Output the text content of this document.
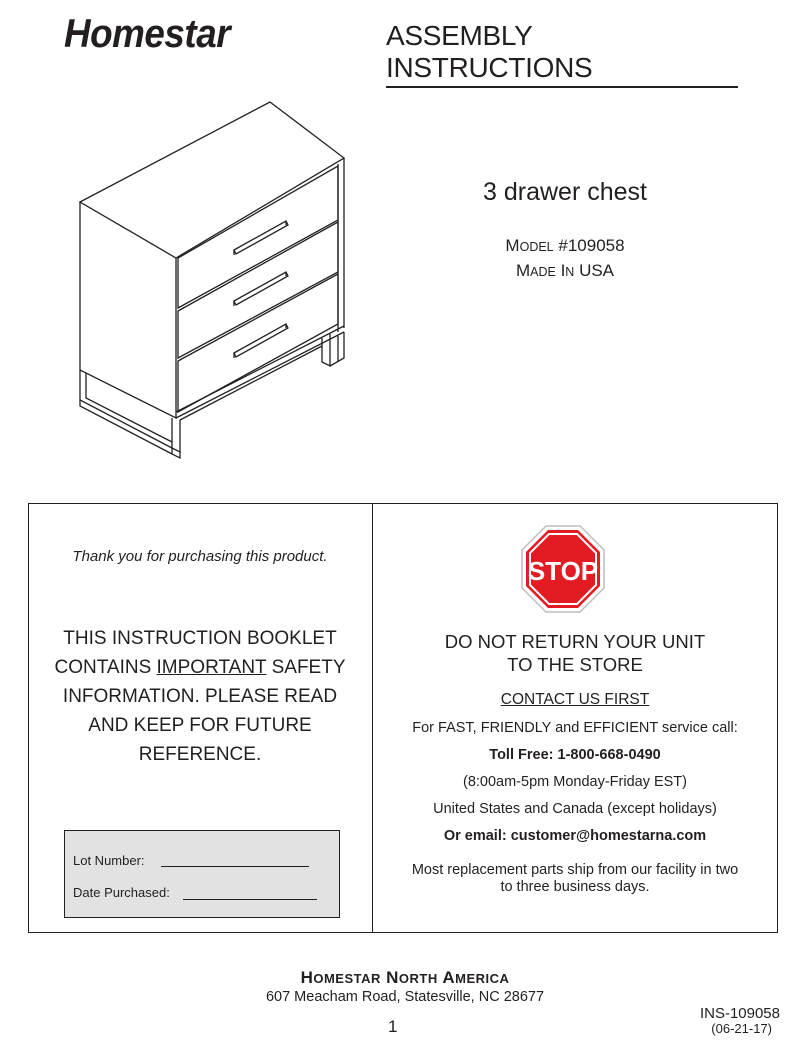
Homestar	ASSEMBLY INSTRUCTIONS
3 drawer chest
MODEL #109058
MADE IN USA
Thank you for purchasing this product.
THIS INSTRUCTION BOOKLET
CONTAINS IMPORTANT SAFETY
INFORMATION. PLEASE READ
AND KEEP FOR FUTURE
REFERENCE.
Lot Number:
Date Purchased:
STOP
DO NOT RETURN YOUR UNIT
TO THE STORE
CONTACT US FIRST
For FAST, FRIENDLY and EFFICIENT service call:
Toll Free: 1-800-668-0490
(8:00am-5pm Monday-Friday EST)
United States and Canada (except holidays)
Or email: customer@homestarna.com
Most replacement parts ship from our facility in two
to three business days.
HOMESTAR NORTH AMERICA
607 Meacham Road, Statesville, NC 28677
1
INS-109058
(06-21-17)
